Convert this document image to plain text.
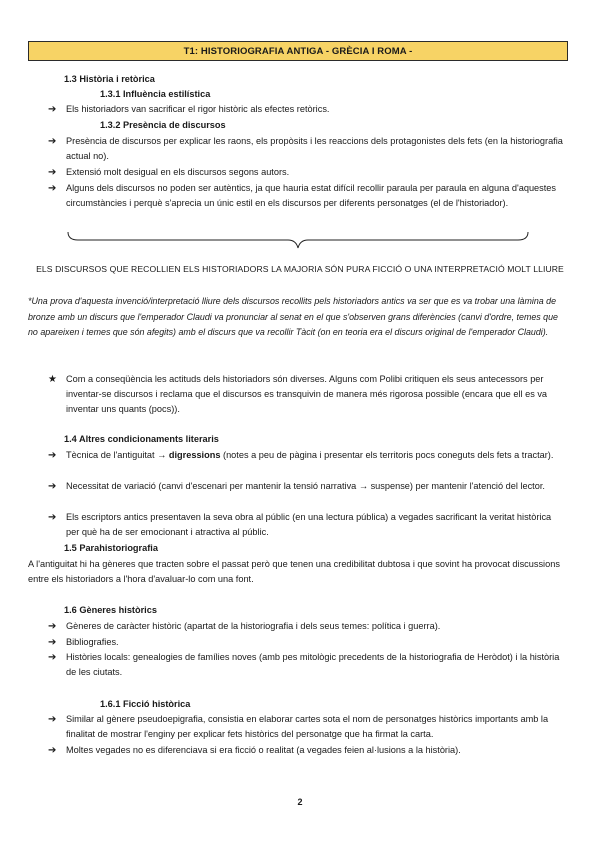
T1: HISTORIOGRAFIA ANTIGA - GRÈCIA I ROMA -
1.3 Història i retòrica
1.3.1 Influència estilística
➔	Els historiadors van sacrificar el rigor històric als efectes retòrics.
1.3.2 Presència de discursos
➔	Presència de discursos per explicar les raons, els propòsits i les reaccions dels protagonistes dels fets (en la historiografia actual no).
➔	Extensió molt desigual en els discursos segons autors.
➔	Alguns dels discursos no poden ser autèntics, ja que hauria estat difícil recollir paraula per paraula en alguna d'aquestes circumstàncies i perquè s'aprecia un únic estil en els discursos per diferents personatges (el de l'historiador).
ELS DISCURSOS QUE RECOLLIEN ELS HISTORIADORS LA MAJORIA SÓN PURA FICCIÓ O UNA INTERPRETACIÓ MOLT LLIURE
*Una prova d'aquesta invenció/interpretació lliure dels discursos recollits pels historiadors antics va ser que es va trobar una làmina de bronze amb un discurs que l'emperador Claudi va pronunciar al senat en el que s'observen grans diferències (canvi d'ordre, temes que no apareixen i temes que són afegits) amb el discurs que va recollir Tàcit (on en teoria era el discurs original de l'emperador Claudi).
★ Com a conseqüència les actituds dels historiadors són diverses. Alguns com Polibi critiquen els seus antecessors per inventar-se discursos i reclama que el discursos es transquivin de manera més rigorosa possible (encara que ell es va inventar uns quants (pocs)).
1.4 Altres condicionaments literaris
➔	Tècnica de l'antiguitat → digressions (notes a peu de pàgina i presentar els territoris pocs coneguts dels fets a tractar).
➔	Necessitat de variació (canvi d'escenari per mantenir la tensió narrativa → suspense) per mantenir l'atenció del lector.
➔	Els escriptors antics presentaven la seva obra al públic (en una lectura pública) a vegades sacrificant la veritat històrica per què ha de ser emocionant i atractiva al públic.
1.5 Parahistoriografia
A l'antiguitat hi ha gèneres que tracten sobre el passat però que tenen una credibilitat dubtosa i que sovint ha provocat discussions entre els historiadors a l'hora d'avaluar-lo com una font.
1.6 Gèneres històrics
➔	Gèneres de caràcter històric (apartat de la historiografia i dels seus temes: política i guerra).
➔	Bibliografies.
➔	Històries locals: genealogies de famílies noves (amb pes mitològic precedents de la historiografia de Heròdot) i la història de les ciutats.
1.6.1 Ficció històrica
➔	Similar al gènere pseudoepigrafia, consistia en elaborar cartes sota el nom de personatges històrics importants amb la finalitat de mostrar l'enginy per explicar fets històrics del personatge que ha firmat la carta.
➔	Moltes vegades no es diferenciava si era ficció o realitat (a vegades feien al·lusions a la història).
2
